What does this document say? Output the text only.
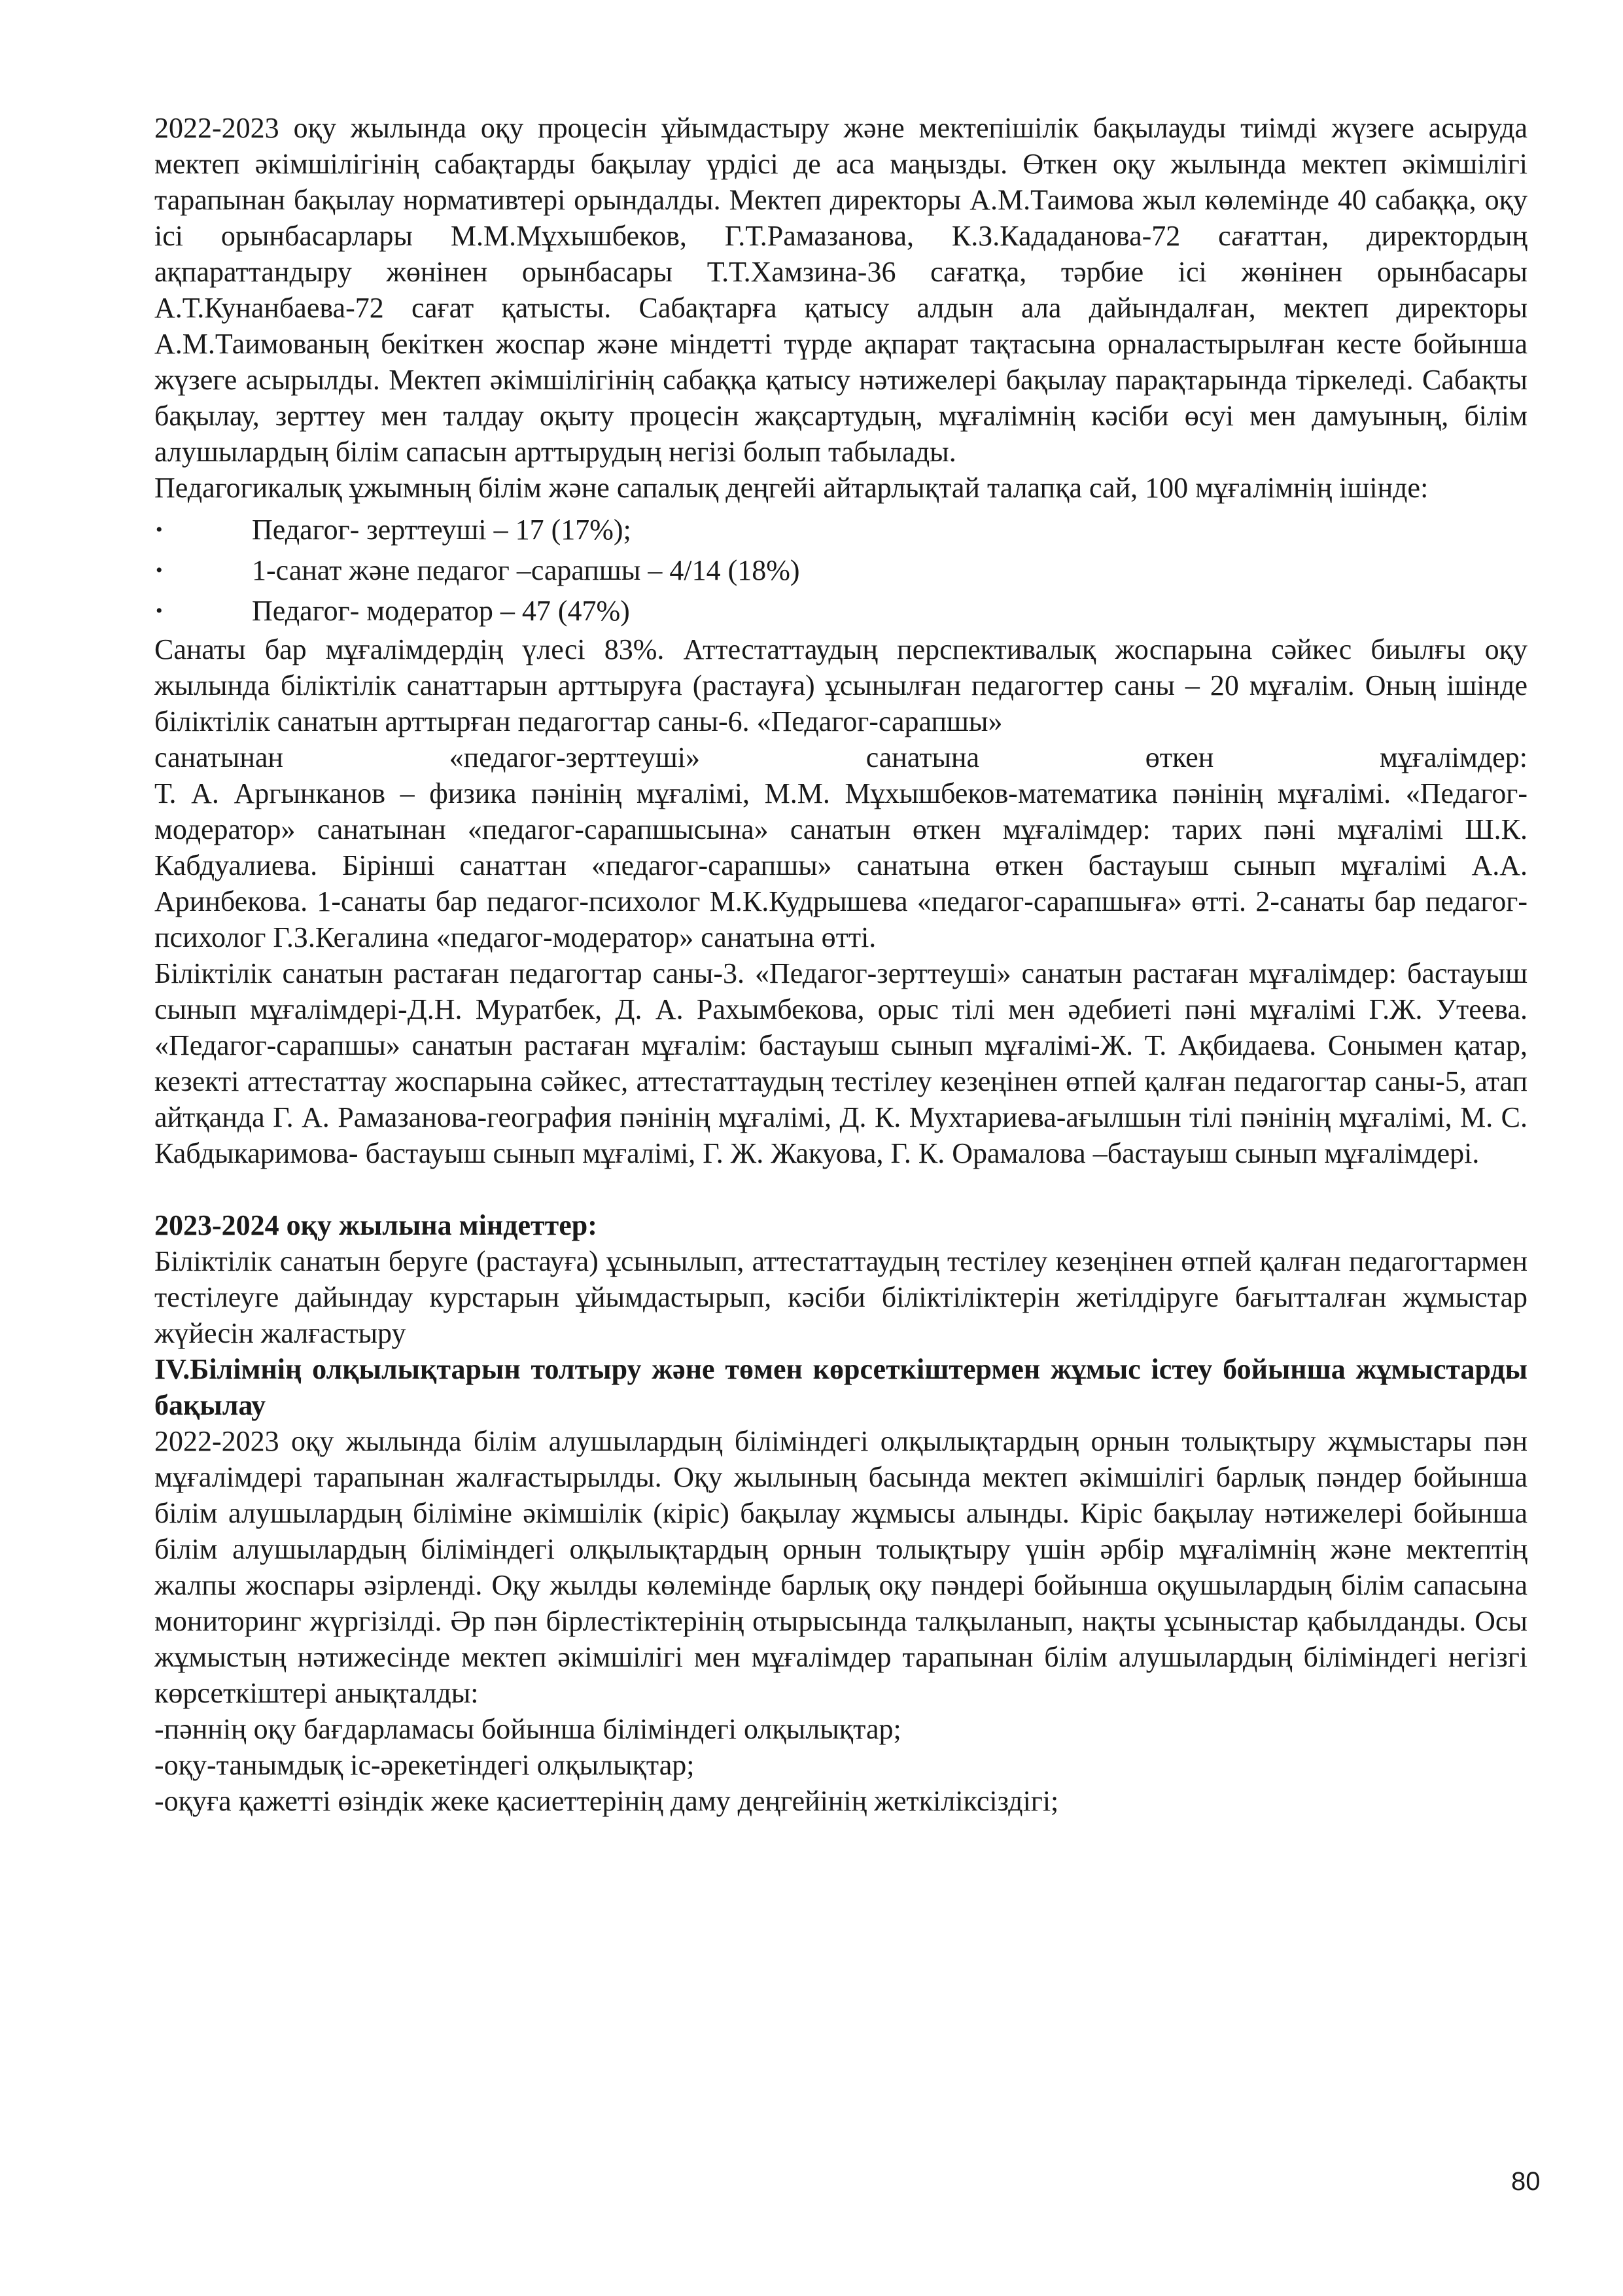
2022-2023 оқу жылында оқу процесін ұйымдастыру және мектепішілік бақылауды тиімді жүзеге асыруда мектеп әкімшілігінің сабақтарды бақылау үрдісі де аса маңызды. Өткен оқу жылында мектеп әкімшілігі тарапынан бақылау нормативтері орындалды. Мектеп директоры А.М.Таимова жыл көлемінде 40 сабаққа, оқу ісі орынбасарлары М.М.Мұхышбеков, Г.Т.Рамазанова, К.З.Кададанова-72 сағаттан, директордың ақпараттандыру жөнінен орынбасары Т.Т.Хамзина-36 сағатқа, тәрбие ісі жөнінен орынбасары А.Т.Кунанбаева-72 сағат қатысты. Сабақтарға қатысу алдын ала дайындалған, мектеп директоры А.М.Таимованың бекіткен жоспар және міндетті түрде ақпарат тақтасына орналастырылған кесте бойынша жүзеге асырылды. Мектеп әкімшілігінің сабаққа қатысу нәтижелері бақылау парақтарында тіркеледі. Сабақты бақылау, зерттеу мен талдау оқыту процесін жақсартудың, мұғалімнің кәсіби өсуі мен дамуының, білім алушылардың білім сапасын арттырудың негізі болып табылады.

Педагогикалық ұжымның білім және сапалық деңгейі айтарлықтай талапқа сай, 100 мұғалімнің ішінде:

•	Педагог- зерттеуші – 17 (17%);
•	1-санат және педагог –сарапшы – 4/14 (18%)
•	Педагог- модератор – 47 (47%)

Санаты бар мұғалімдердің үлесі 83%. Аттестаттаудың перспективалық жоспарына сәйкес биылғы оқу жылында біліктілік санаттарын арттыруға (растауға) ұсынылған педагогтер саны – 20 мұғалім. Оның ішінде біліктілік санатын арттырған педагогтар саны-6. «Педагог-сарапшы»

санатынан «педагог-зерттеуші» санатына өткен мұғалімдер:

Т. А. Аргынканов – физика пәнінің мұғалімі, М.М. Мұхышбеков-математика пәнінің мұғалімі. «Педагог-модератор» санатынан «педагог-сарапшысына» санатын өткен мұғалімдер: тарих пәні мұғалімі Ш.К. Кабдуалиева. Бірінші санаттан «педагог-сарапшы» санатына өткен бастауыш сынып мұғалімі А.А. Аринбекова. 1-санаты бар педагог-психолог М.К.Кудрышева «педагог-сарапшыға» өтті. 2-санаты бар педагог-психолог Г.З.Кегалина «педагог-модератор» санатына өтті.

Біліктілік санатын растаған педагогтар саны-3. «Педагог-зерттеуші» санатын растаған мұғалімдер: бастауыш сынып мұғалімдері-Д.Н. Муратбек, Д. А. Рахымбекова, орыс тілі мен әдебиеті пәні мұғалімі Г.Ж. Утеева. «Педагог-сарапшы» санатын растаған мұғалім: бастауыш сынып мұғалімі-Ж. Т. Ақбидаева. Сонымен қатар, кезекті аттестаттау жоспарына сәйкес, аттестаттаудың тестілеу кезеңінен өтпей қалған педагогтар саны-5, атап айтқанда Г. А. Рамазанова-география пәнінің мұғалімі, Д. К. Мухтариева-ағылшын тілі пәнінің мұғалімі, М. С. Кабдыкаримова- бастауыш сынып мұғалімі, Г. Ж. Жакуова, Г. К. Орамалова –бастауыш сынып мұғалімдері.

2023-2024 оқу жылына міндеттер:

Біліктілік санатын беруге (растауға) ұсынылып, аттестаттаудың тестілеу кезеңінен өтпей қалған педагогтармен тестілеуге дайындау курстарын ұйымдастырып, кәсіби біліктіліктерін жетілдіруге бағытталған жұмыстар жүйесін жалғастыру

IV.Білімнің олқылықтарын толтыру және төмен көрсеткіштермен жұмыс істеу бойынша жұмыстарды бақылау

2022-2023 оқу жылында білім алушылардың біліміндегі олқылықтардың орнын толықтыру жұмыстары пән мұғалімдері тарапынан жалғастырылды. Оқу жылының басында мектеп әкімшілігі барлық пәндер бойынша білім алушылардың біліміне әкімшілік (кіріс) бақылау жұмысы алынды. Кіріс бақылау нәтижелері бойынша білім алушылардың біліміндегі олқылықтардың орнын толықтыру үшін әрбір мұғалімнің және мектептің жалпы жоспары әзірленді. Оқу жылды көлемінде барлық оқу пәндері бойынша оқушылардың білім сапасына мониторинг жүргізілді. Әр пән бірлестіктерінің отырысында талқыланып, нақты ұсыныстар қабылданды. Осы жұмыстың нәтижесінде мектеп әкімшілігі мен мұғалімдер тарапынан білім алушылардың біліміндегі негізгі көрсеткіштері анықталды:

-пәннің оқу бағдарламасы бойынша біліміндегі олқылықтар;

-оқу-танымдық іс-әрекетіндегі олқылықтар;

-оқуға қажетті өзіндік жеке қасиеттерінің даму деңгейінің жеткіліксіздігі;

80
